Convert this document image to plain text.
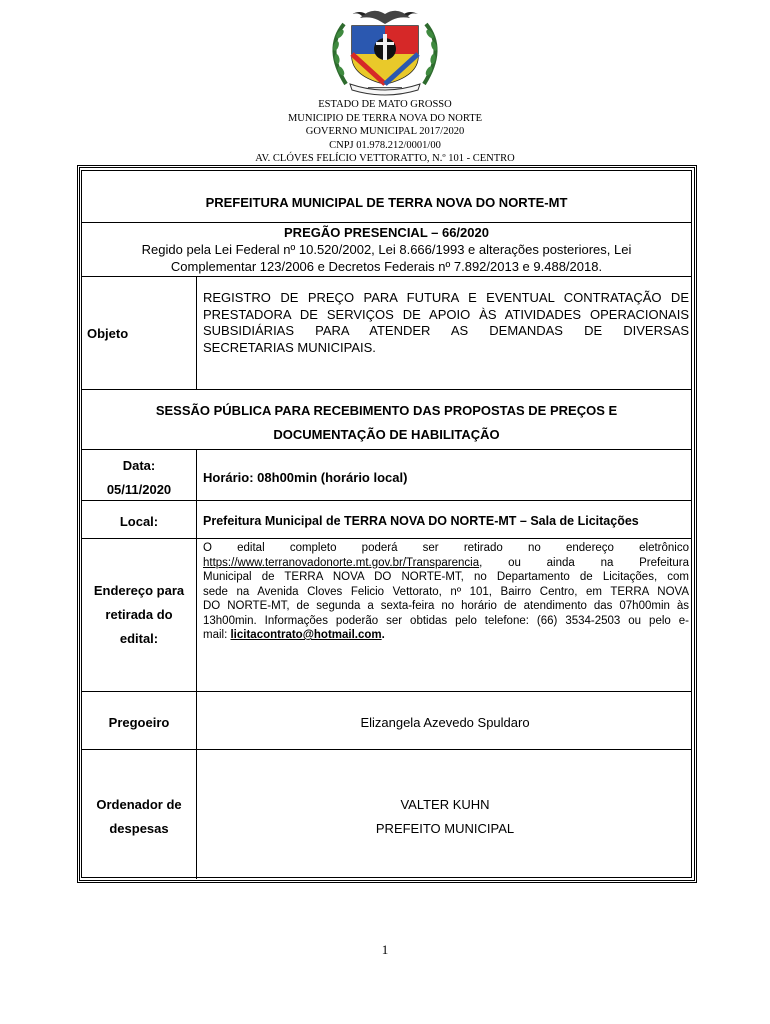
ESTADO DE MATO GROSSO
MUNICIPIO DE TERRA NOVA DO NORTE
GOVERNO MUNICIPAL 2017/2020
CNPJ 01.978.212/0001/00
AV. CLÓVES FELÍCIO VETTORATTO, N.º 101 - CENTRO
PREFEITURA MUNICIPAL DE TERRA NOVA DO NORTE-MT
PREGÃO PRESENCIAL – 66/2020
Regido pela Lei Federal nº 10.520/2002, Lei 8.666/1993 e alterações posteriores, Lei
Complementar 123/2006 e Decretos Federais nº 7.892/2013 e 9.488/2018.
Objeto
REGISTRO DE PREÇO PARA FUTURA E EVENTUAL CONTRATAÇÃO DE
PRESTADORA DE SERVIÇOS DE APOIO ÀS ATIVIDADES OPERACIONAIS
SUBSIDIÁRIAS PARA ATENDER AS DEMANDAS DE DIVERSAS
SECRETARIAS MUNICIPAIS.
SESSÃO PÚBLICA PARA RECEBIMENTO DAS PROPOSTAS DE PREÇOS E
DOCUMENTAÇÃO DE HABILITAÇÃO
Data:
05/11/2020
Horário: 08h00min (horário local)
Local:	Prefeitura Municipal de TERRA NOVA DO NORTE-MT – Sala de Licitações
Endereço para
retirada do
edital:
O edital completo poderá ser retirado no endereço eletrônico
https://www.terranovadonorte.mt.gov.br/Transparencia, ou ainda na Prefeitura
Municipal de TERRA NOVA DO NORTE-MT, no Departamento de Licitações, com
sede na Avenida Cloves Felicio Vettorato, nº 101, Bairro Centro, em TERRA NOVA
DO NORTE-MT, de segunda a sexta-feira no horário de atendimento das 07h00min às
13h00min. Informações poderão ser obtidas pelo telefone: (66) 3534-2503 ou pelo e-
mail: licitacontrato@hotmail.com.
Pregoeiro	Elizangela Azevedo Spuldaro
Ordenador de
despesas
VALTER KUHN
PREFEITO MUNICIPAL
1
